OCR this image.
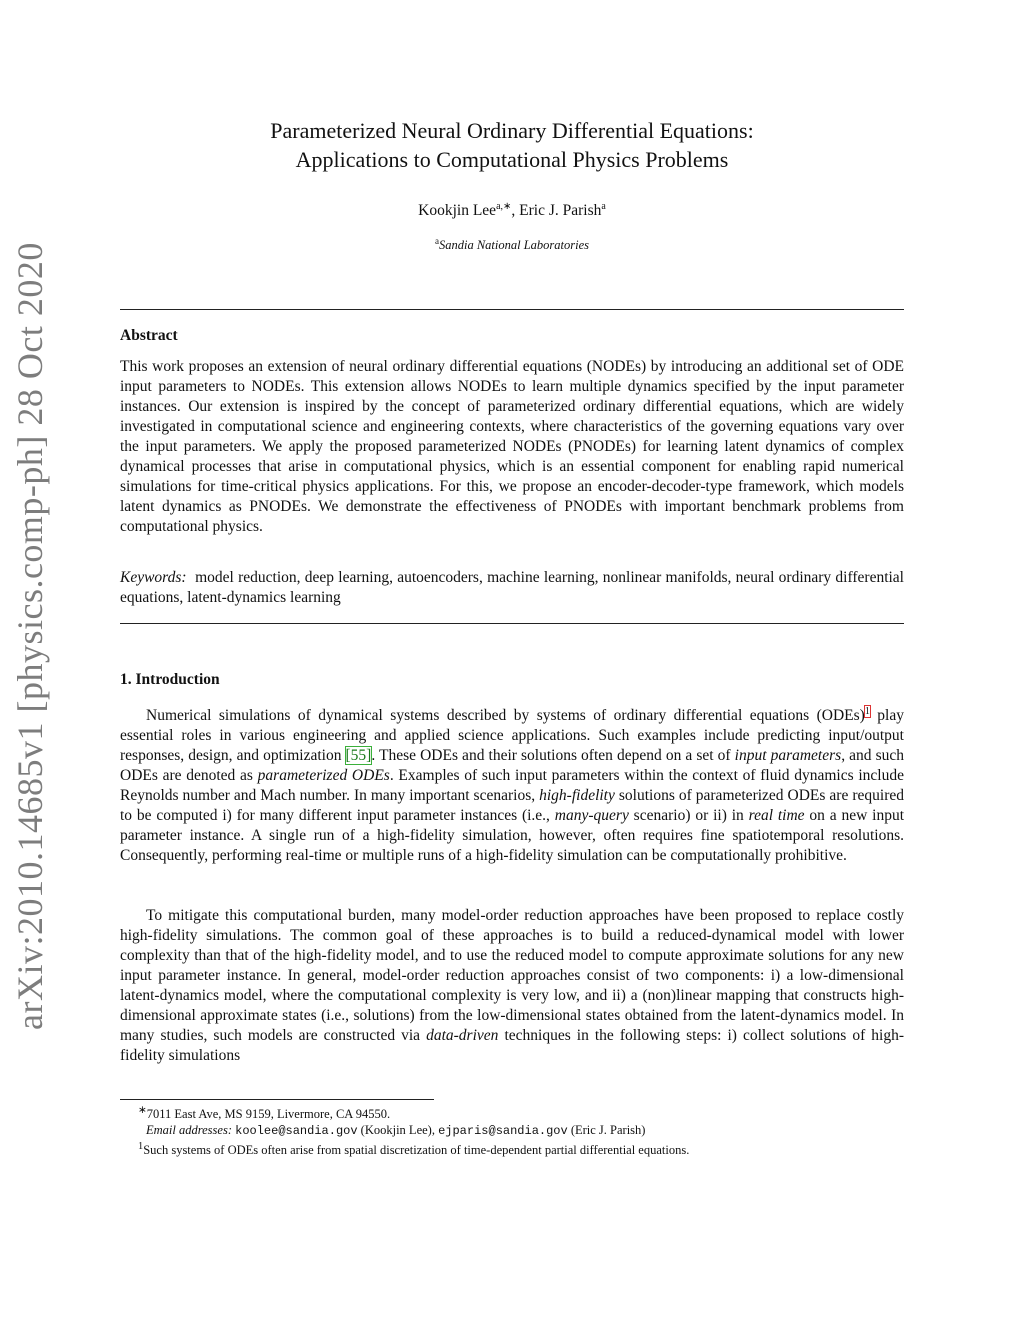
arXiv:2010.14685v1 [physics.comp-ph] 28 Oct 2020
Parameterized Neural Ordinary Differential Equations:
Applications to Computational Physics Problems
Kookjin Lee$^{a,∗}$, Eric J. Parish$^a$
$^a$Sandia National Laboratories
Abstract

This work proposes an extension of neural ordinary differential equations (NODEs) by introducing an additional set of ODE input parameters to NODEs. This extension allows NODEs to learn multiple dynamics specified by the input parameter instances. Our extension is inspired by the concept of parameterized ordinary differential equations, which are widely investigated in computational science and engineering contexts, where characteristics of the governing equations vary over the input parameters. We apply the proposed parameterized NODEs (PNODEs) for learning latent dynamics of complex dynamical processes that arise in computational physics, which is an essential component for enabling rapid numerical simulations for time-critical physics applications. For this, we propose an encoder-decoder-type framework, which models latent dynamics as PNODEs. We demonstrate the effectiveness of PNODEs with important benchmark problems from computational physics.

Keywords: model reduction, deep learning, autoencoders, machine learning, nonlinear manifolds, neural ordinary differential equations, latent-dynamics learning

1. Introduction

Numerical simulations of dynamical systems described by systems of ordinary differential equations (ODEs)$^1$ play essential roles in various engineering and applied science applications. Such examples include predicting input/output responses, design, and optimization [55]. These ODEs and their solutions often depend on a set of input parameters, and such ODEs are denoted as parameterized ODEs. Examples of such input parameters within the context of fluid dynamics include Reynolds number and Mach number. In many important scenarios, high-fidelity solutions of parameterized ODEs are required to be computed i) for many different input parameter instances (i.e., many-query scenario) or ii) in real time on a new input parameter instance. A single run of a high-fidelity simulation, however, often requires fine spatiotemporal resolutions. Consequently, performing real-time or multiple runs of a high-fidelity simulation can be computationally prohibitive.

To mitigate this computational burden, many model-order reduction approaches have been proposed to replace costly high-fidelity simulations. The common goal of these approaches is to build a reduced-dynamical model with lower complexity than that of the high-fidelity model, and to use the reduced model to compute approximate solutions for any new input parameter instance. In general, model-order reduction approaches consist of two components: i) a low-dimensional latent-dynamics model, where the computational complexity is very low, and ii) a (non)linear mapping that constructs high-dimensional approximate states (i.e., solutions) from the low-dimensional states obtained from the latent-dynamics model. In many studies, such models are constructed via data-driven techniques in the following steps: i) collect solutions of high-fidelity simulations

∗7011 East Ave, MS 9159, Livermore, CA 94550.
Email addresses: koolee@sandia.gov (Kookjin Lee), ejparis@sandia.gov (Eric J. Parish)
$^1$Such systems of ODEs often arise from spatial discretization of time-dependent partial differential equations.
